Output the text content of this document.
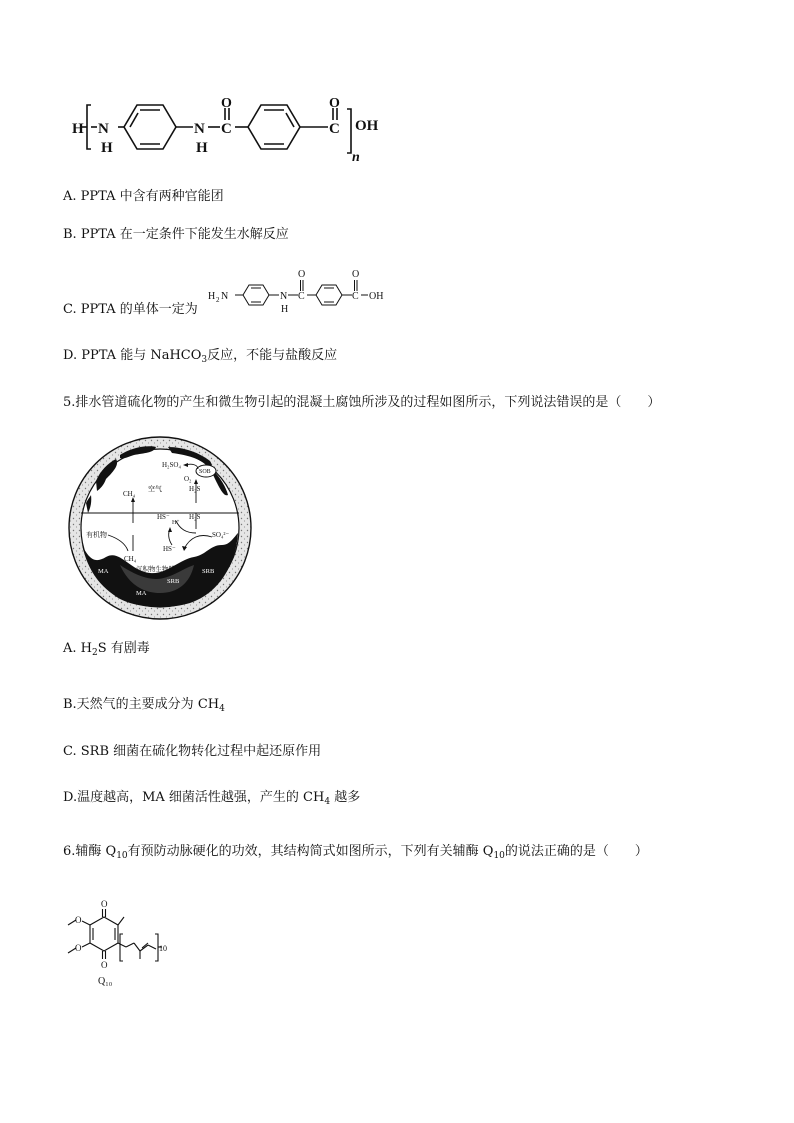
H N
H
N
H
O
C
O
C OH
n
A. PPTA 中含有两种官能团
B. PPTA 在一定条件下能发生水解反应
C. PPTA 的单体一定为
H 2 N	N
H
O
C
O
C OH
D. PPTA 能与 NaHCO$_3$反应，不能与盐酸反应
5.排水管道硫化物的产生和微生物引起的混凝土腐蚀所涉及的过程如图所示，下列说法错误的是（　　）
H₂SO₄
SOB
O₂
H₂S
空气
CH₄
HS⁻
H⁺
H₂S
有机物
CH₄
HS⁻
SO₄²⁻
沉积物生物膜
MA	SRB
SRB
MA
A. $H_2S$ 有剧毒
B.天然气的主要成分为 $CH_4$
C. SRB 细菌在硫化物转化过程中起还原作用
D.温度越高，MA 细菌活性越强，产生的 $CH_4$ 越多
6.辅酶 $Q_{10}$有预防动脉硬化的功效，其结构简式如图所示，下列有关辅酶 $Q_{10}$的说法正确的是（　　）
O
O
O
O
10
Q₁₀
